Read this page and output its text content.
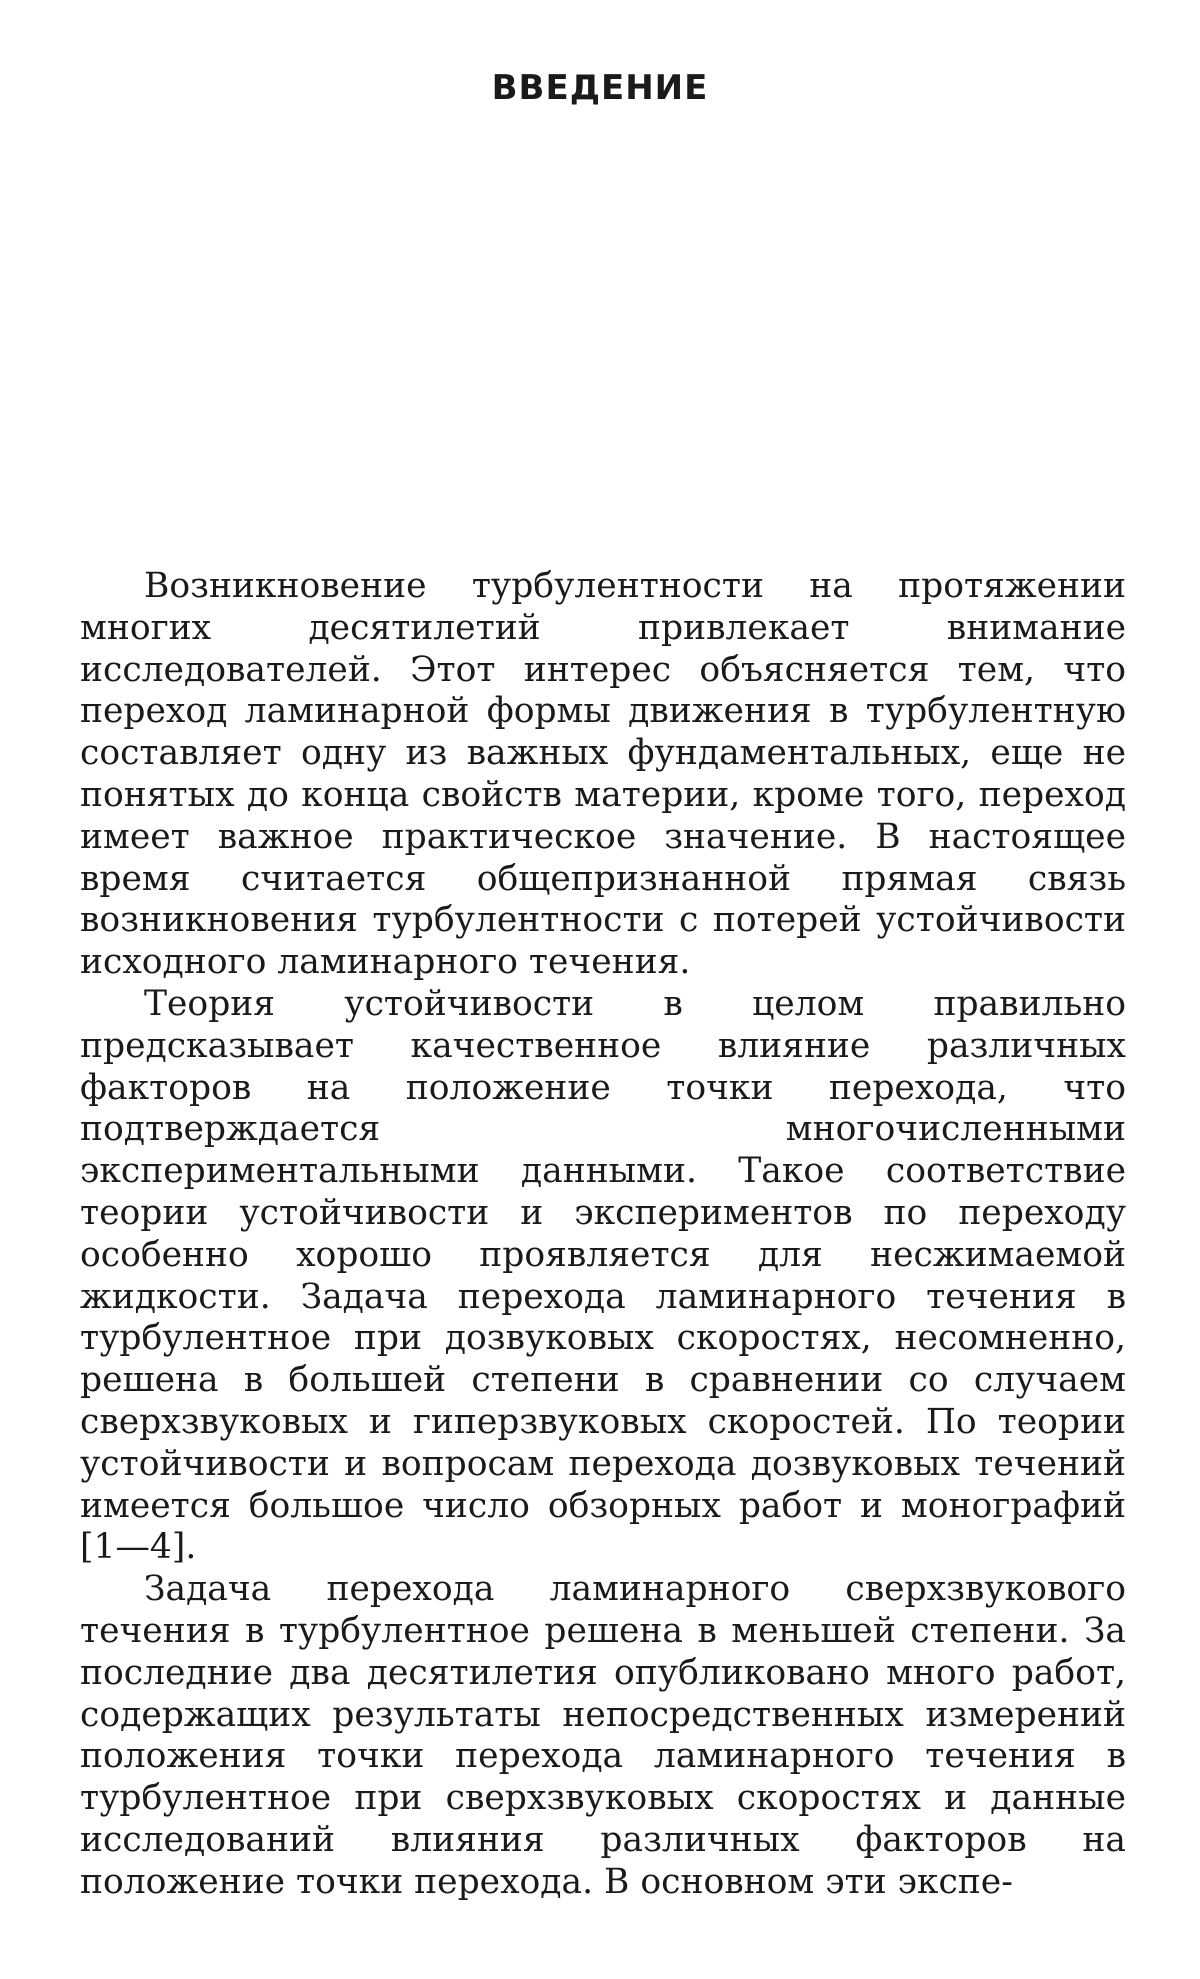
ВВЕДЕНИЕ

Возникновение турбулентности на протяжении многих десятилетий привлекает внимание исследователей. Этот интерес объясняется тем, что переход ламинарной формы движения в турбулентную составляет одну из важных фундаментальных, еще не понятых до конца свойств материи, кроме того, переход имеет важное практическое значение. В настоящее время считается общепризнанной прямая связь возникновения турбулентности с потерей устойчивости исходного ламинарного течения.

Теория устойчивости в целом правильно предсказывает качественное влияние различных факторов на положение точки перехода, что подтверждается многочисленными экспериментальными данными. Такое соответствие теории устойчивости и экспериментов по переходу особенно хорошо проявляется для несжимаемой жидкости. Задача перехода ламинарного течения в турбулентное при дозвуковых скоростях, несомненно, решена в большей степени в сравнении со случаем сверхзвуковых и гиперзвуковых скоростей. По теории устойчивости и вопросам перехода дозвуковых течений имеется большое число обзорных работ и монографий [1—4].

Задача перехода ламинарного сверхзвукового течения в турбулентное решена в меньшей степени. За последние два десятилетия опубликовано много работ, содержащих результаты непосредственных измерений положения точки перехода ламинарного течения в турбулентное при сверхзвуковых скоростях и данные исследований влияния различных факторов на положение точки перехода. В основном эти экспе-
